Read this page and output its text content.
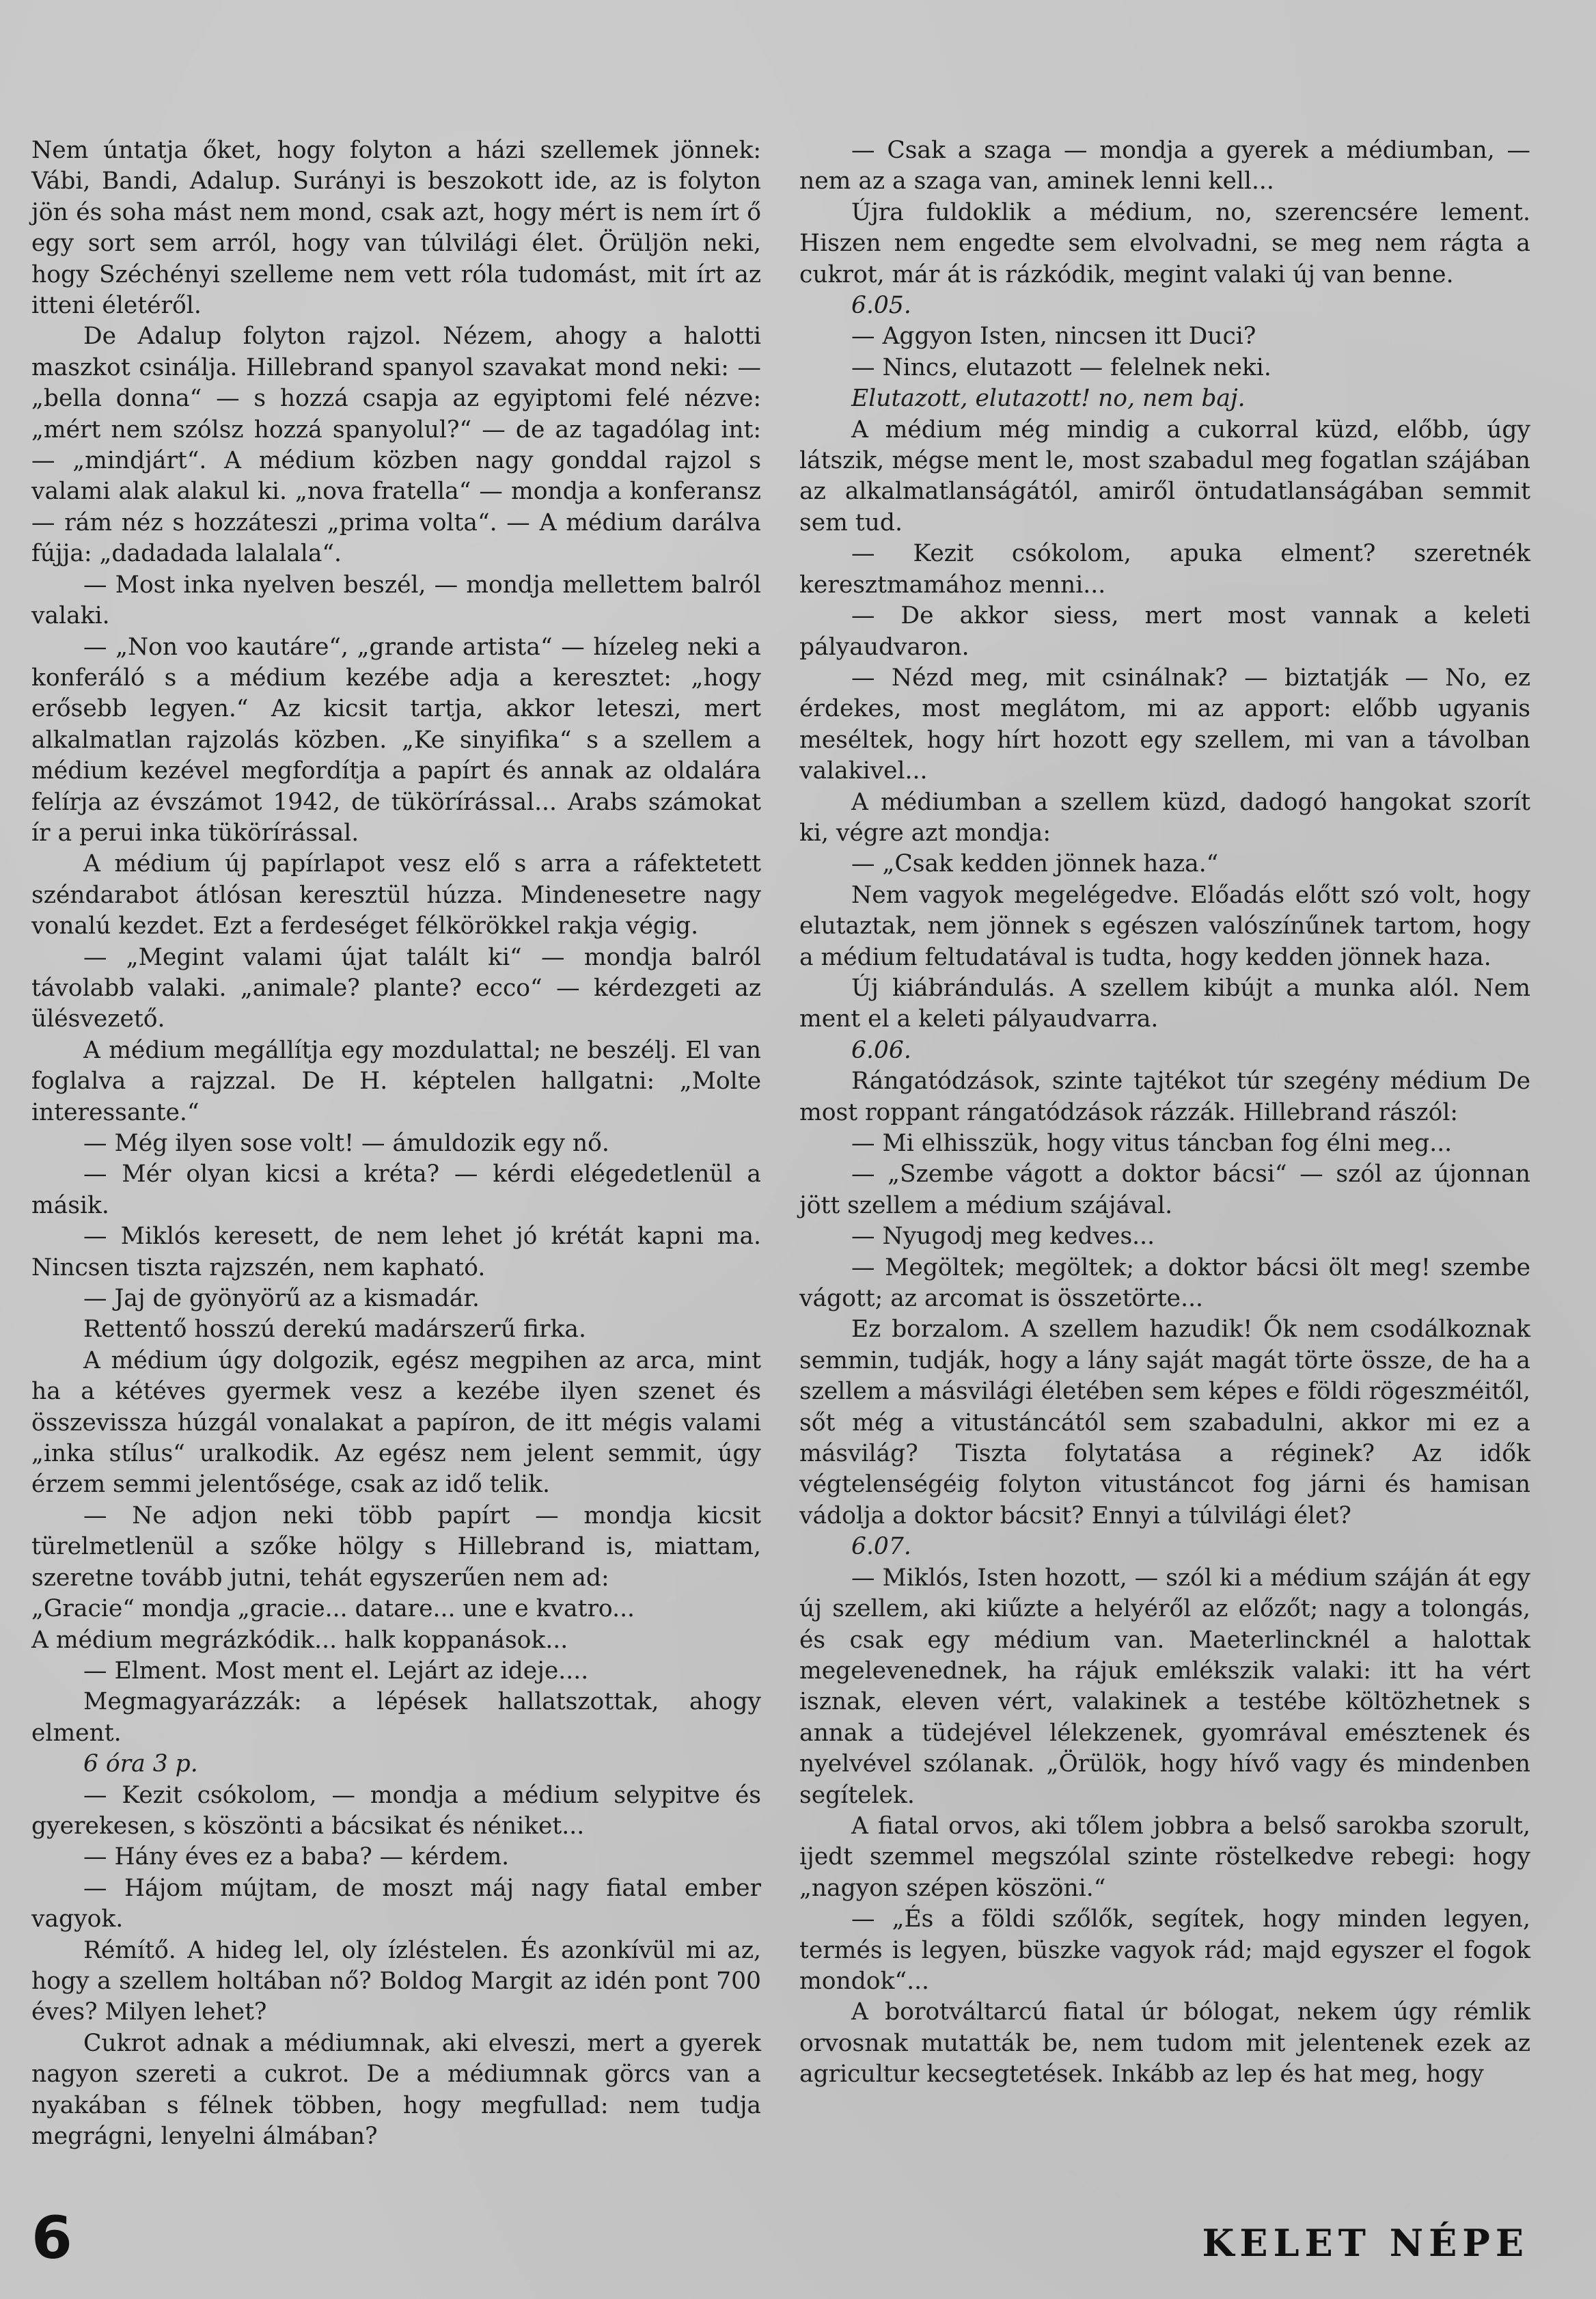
Nem úntatja őket, hogy folyton a házi szellemek jönnek: Vábi, Bandi, Adalup. Surányi is beszokott ide, az is folyton jön és soha mást nem mond, csak azt, hogy mért is nem írt ő egy sort sem arról, hogy van túlvilági élet. Örüljön neki, hogy Széchényi szelleme nem vett róla tudomást, mit írt az itteni életéről.

De Adalup folyton rajzol. Nézem, ahogy a halotti maszkot csinálja. Hillebrand spanyol szavakat mond neki: — „bella donna“ — s hozzá csapja az egyiptomi felé nézve: „mért nem szólsz hozzá spanyolul?“ — de az tagadólag int: — „mindjárt“. A médium közben nagy gonddal rajzol s valami alak alakul ki. „nova fratella“ — mondja a konferansz — rám néz s hozzáteszi „prima volta“. — A médium darálva fújja: „dadadada lalalala“.

— Most inka nyelven beszél, — mondja mellettem balról valaki.

— „Non voo kautáre“, „grande artista“ — hízeleg neki a konferáló s a médium kezébe adja a keresztet: „hogy erősebb legyen.“ Az kicsit tartja, akkor leteszi, mert alkalmatlan rajzolás közben. „Ke sinyifika“ s a szellem a médium kezével megfordítja a papírt és annak az oldalára felírja az évszámot 1942, de tükörírással... Arabs számokat ír a perui inka tükörírással.

A médium új papírlapot vesz elő s arra a ráfektetett széndarabot átlósan keresztül húzza. Mindenesetre nagy vonalú kezdet. Ezt a ferdeséget félkörökkel rakja végig.

— „Megint valami újat talált ki“ — mondja balról távolabb valaki. „animale? plante? ecco“ — kérdezgeti az ülésvezető.

A médium megállítja egy mozdulattal; ne beszélj. El van foglalva a rajzzal. De H. képtelen hallgatni: „Molte interessante.“

— Még ilyen sose volt! — ámuldozik egy nő.

— Mér olyan kicsi a kréta? — kérdi elégedetlenül a másik.

— Miklós keresett, de nem lehet jó krétát kapni ma. Nincsen tiszta rajzszén, nem kapható.

— Jaj de gyönyörű az a kismadár.

Rettentő hosszú derekú madárszerű firka.

A médium úgy dolgozik, egész megpihen az arca, mint ha a kétéves gyermek vesz a kezébe ilyen szenet és összevissza húzgál vonalakat a papíron, de itt mégis valami „inka stílus“ uralkodik. Az egész nem jelent semmit, úgy érzem semmi jelentősége, csak az idő telik.

— Ne adjon neki több papírt — mondja kicsit türelmetlenül a szőke hölgy s Hillebrand is, miattam, szeretne tovább jutni, tehát egyszerűen nem ad:

„Gracie“ mondja „gracie... datare... une e kvatro...

A médium megrázkódik... halk koppanások...

— Elment. Most ment el. Lejárt az ideje....

Megmagyarázzák: a lépések hallatszottak, ahogy elment.

6 óra 3 p.

— Kezit csókolom, — mondja a médium selypitve és gyerekesen, s köszönti a bácsikat és néniket...

— Hány éves ez a baba? — kérdem.

— Hájom mújtam, de moszt máj nagy fiatal ember vagyok.

Rémítő. A hideg lel, oly ízléstelen. És azonkívül mi az, hogy a szellem holtában nő? Boldog Margit az idén pont 700 éves? Milyen lehet?

Cukrot adnak a médiumnak, aki elveszi, mert a gyerek nagyon szereti a cukrot. De a médiumnak görcs van a nyakában s félnek többen, hogy megfullad: nem tudja megrágni, lenyelni álmában?

— Csak a szaga — mondja a gyerek a médiumban, — nem az a szaga van, aminek lenni kell...

Újra fuldoklik a médium, no, szerencsére lement. Hiszen nem engedte sem elvolvadni, se meg nem rágta a cukrot, már át is rázkódik, megint valaki új van benne.

6.05.

— Aggyon Isten, nincsen itt Duci?

— Nincs, elutazott — felelnek neki.

Elutazott, elutazott! no, nem baj.

A médium még mindig a cukorral küzd, előbb, úgy látszik, mégse ment le, most szabadul meg fogatlan szájában az alkalmatlanságától, amiről öntudatlanságában semmit sem tud.

— Kezit csókolom, apuka elment? szeretnék keresztmamához menni...

— De akkor siess, mert most vannak a keleti pályaudvaron.

— Nézd meg, mit csinálnak? — biztatják — No, ez érdekes, most meglátom, mi az apport: előbb ugyanis meséltek, hogy hírt hozott egy szellem, mi van a távolban valakivel...

A médiumban a szellem küzd, dadogó hangokat szorít ki, végre azt mondja:

— „Csak kedden jönnek haza.“

Nem vagyok megelégedve. Előadás előtt szó volt, hogy elutaztak, nem jönnek s egészen valószínűnek tartom, hogy a médium feltudatával is tudta, hogy kedden jönnek haza.

Új kiábrándulás. A szellem kibújt a munka alól. Nem ment el a keleti pályaudvarra.

6.06.

Rángatódzások, szinte tajtékot túr szegény médium De most roppant rángatódzások rázzák. Hillebrand rászól:

— Mi elhisszük, hogy vitus táncban fog élni meg...

— „Szembe vágott a doktor bácsi“ — szól az újonnan jött szellem a médium szájával.

— Nyugodj meg kedves...

— Megöltek; megöltek; a doktor bácsi ölt meg! szembe vágott; az arcomat is összetörte...

Ez borzalom. A szellem hazudik! Ők nem csodálkoznak semmin, tudják, hogy a lány saját magát törte össze, de ha a szellem a másvilági életében sem képes e földi rögeszméitől, sőt még a vitustáncától sem szabadulni, akkor mi ez a másvilág? Tiszta folytatása a réginek? Az idők végtelenségéig folyton vitustáncot fog járni és hamisan vádolja a doktor bácsit? Ennyi a túlvilági élet?

6.07.

— Miklós, Isten hozott, — szól ki a médium száján át egy új szellem, aki kiűzte a helyéről az előzőt; nagy a tolongás, és csak egy médium van. Maeterlincknél a halottak megelevenednek, ha rájuk emlékszik valaki: itt ha vért isznak, eleven vért, valakinek a testébe költözhetnek s annak a tüdejével lélekzenek, gyomrával emésztenek és nyelvével szólanak. „Örülök, hogy hívő vagy és mindenben segítelek.

A fiatal orvos, aki tőlem jobbra a belső sarokba szorult, ijedt szemmel megszólal szinte röstelkedve rebegi: hogy „nagyon szépen köszöni.“

— „És a földi szőlők, segítek, hogy minden legyen, termés is legyen, büszke vagyok rád; majd egyszer el fogok mondok“...

A borotváltarcú fiatal úr bólogat, nekem úgy rémlik orvosnak mutatták be, nem tudom mit jelentenek ezek az agricultur kecsegtetések. Inkább az lep és hat meg, hogy

6	KELET NÉPE
